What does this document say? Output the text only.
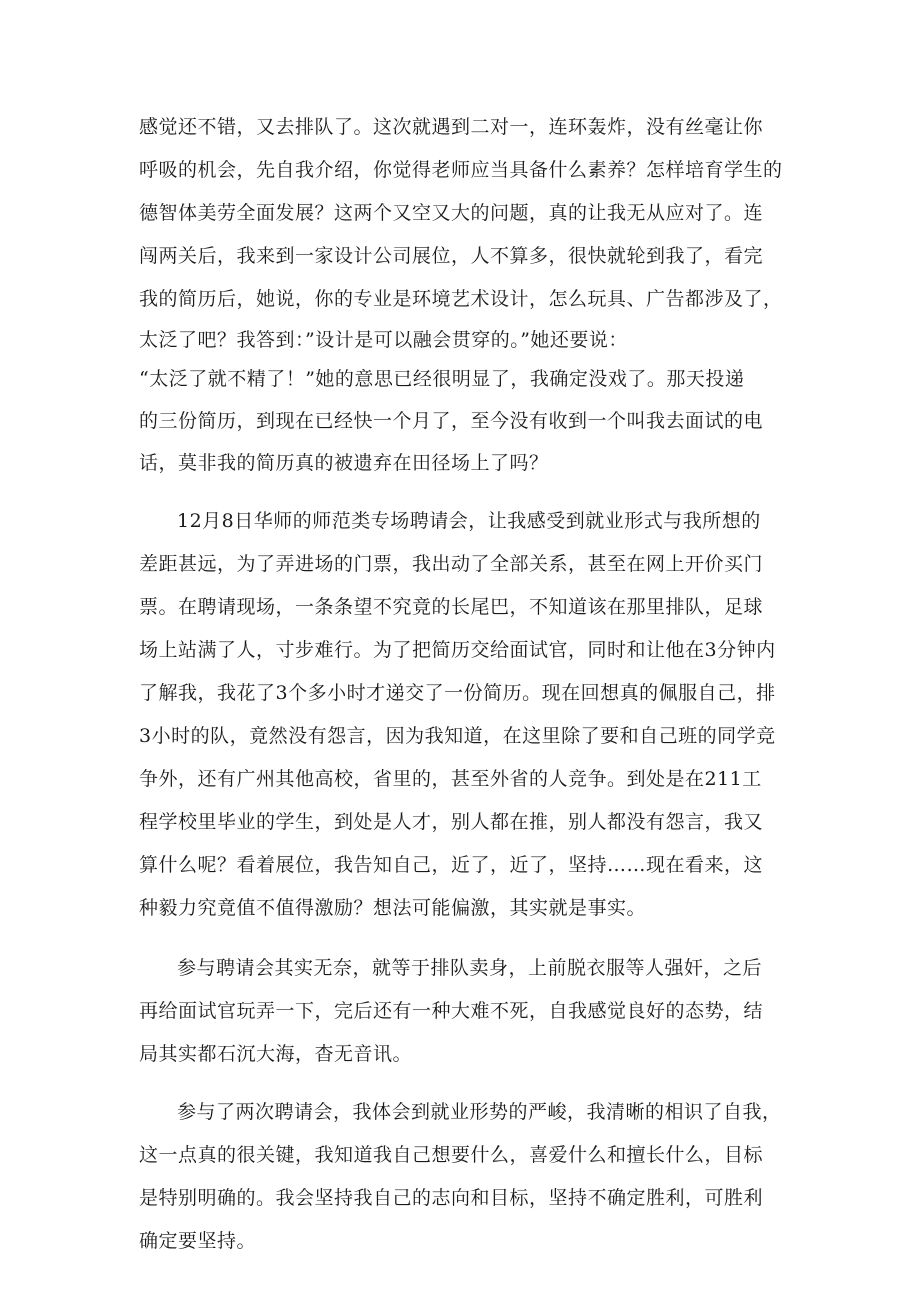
感觉还不错，又去排队了。这次就遇到二对一，连环轰炸，没有丝毫让你
呼吸的机会，先自我介绍，你觉得老师应当具备什么素养？怎样培育学生的
德智体美劳全面发展？这两个又空又大的问题，真的让我无从应对了。连
闯两关后，我来到一家设计公司展位，人不算多，很快就轮到我了，看完
我的简历后，她说，你的专业是环境艺术设计，怎么玩具、广告都涉及了，
太泛了吧？我答到：”设计是可以融会贯穿的。”她还要说：
“太泛了就不精了！”她的意思已经很明显了，我确定没戏了。那天投递
的三份简历，到现在已经快一个月了，至今没有收到一个叫我去面试的电
话，莫非我的简历真的被遗弃在田径场上了吗？
12月8日华师的师范类专场聘请会，让我感受到就业形式与我所想的
差距甚远，为了弄进场的门票，我出动了全部关系，甚至在网上开价买门
票。在聘请现场，一条条望不究竟的长尾巴，不知道该在那里排队，足球
场上站满了人，寸步难行。为了把简历交给面试官，同时和让他在3分钟内
了解我，我花了3个多小时才递交了一份简历。现在回想真的佩服自己，排
3小时的队，竟然没有怨言，因为我知道，在这里除了要和自己班的同学竞
争外，还有广州其他高校，省里的，甚至外省的人竞争。到处是在211工
程学校里毕业的学生，到处是人才，别人都在推，别人都没有怨言，我又
算什么呢？看着展位，我告知自己，近了，近了，坚持……现在看来，这
种毅力究竟值不值得激励？想法可能偏激，其实就是事实。
参与聘请会其实无奈，就等于排队卖身，上前脱衣服等人强奸，之后
再给面试官玩弄一下，完后还有一种大难不死，自我感觉良好的态势，结
局其实都石沉大海，杳无音讯。
参与了两次聘请会，我体会到就业形势的严峻，我清晰的相识了自我，
这一点真的很关键，我知道我自己想要什么，喜爱什么和擅长什么，目标
是特别明确的。我会坚持我自己的志向和目标，坚持不确定胜利，可胜利
确定要坚持。
